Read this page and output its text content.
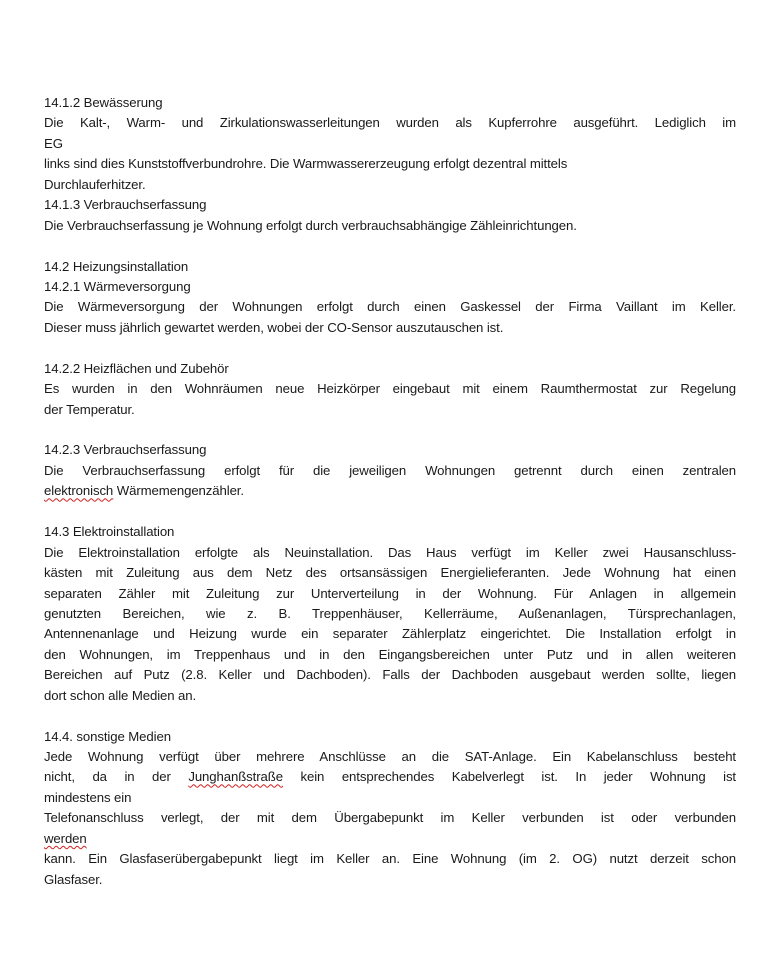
14.1.2 Bewässerung
Die Kalt-, Warm- und Zirkulationswasserleitungen wurden als Kupferrohre ausgeführt. Lediglich im
EG
links sind dies Kunststoffverbundrohre. Die Warmwassererzeugung erfolgt dezentral mittels
Durchlauferhitzer.
14.1.3 Verbrauchserfassung
Die Verbrauchserfassung je Wohnung erfolgt durch verbrauchsabhängige Zähleinrichtungen.
14.2 Heizungsinstallation
14.2.1 Wärmeversorgung
Die Wärmeversorgung der Wohnungen erfolgt durch einen Gaskessel der Firma Vaillant im Keller.
Dieser muss jährlich gewartet werden, wobei der CO-Sensor auszutauschen ist.
14.2.2 Heizflächen und Zubehör
Es wurden in den Wohnräumen neue Heizkörper eingebaut mit einem Raumthermostat zur Regelung
der Temperatur.
14.2.3 Verbrauchserfassung
Die Verbrauchserfassung erfolgt für die jeweiligen Wohnungen getrennt durch einen zentralen
elektronisch Wärmemengenzähler.
14.3 Elektroinstallation
Die Elektroinstallation erfolgte als Neuinstallation. Das Haus verfügt im Keller zwei Hausanschluss-
kästen mit Zuleitung aus dem Netz des ortsansässigen Energielieferanten. Jede Wohnung hat einen
separaten Zähler mit Zuleitung zur Unterverteilung in der Wohnung. Für Anlagen in allgemein
genutzten Bereichen, wie z. B. Treppenhäuser, Kellerräume, Außenanlagen, Türsprechanlagen,
Antennenanlage und Heizung wurde ein separater Zählerplatz eingerichtet. Die Installation erfolgt in
den Wohnungen, im Treppenhaus und in den Eingangsbereichen unter Putz und in allen weiteren
Bereichen auf Putz (2.8. Keller und Dachboden). Falls der Dachboden ausgebaut werden sollte, liegen
dort schon alle Medien an.
14.4. sonstige Medien
Jede Wohnung verfügt über mehrere Anschlüsse an die SAT-Anlage. Ein Kabelanschluss besteht
nicht, da in der Junghanßstraße kein entsprechendes Kabelverlegt ist. In jeder Wohnung ist
mindestens ein
Telefonanschluss verlegt, der mit dem Übergabepunkt im Keller verbunden ist oder verbunden
werden
kann. Ein Glasfaserübergabepunkt liegt im Keller an. Eine Wohnung (im 2. OG) nutzt derzeit schon
Glasfaser.
